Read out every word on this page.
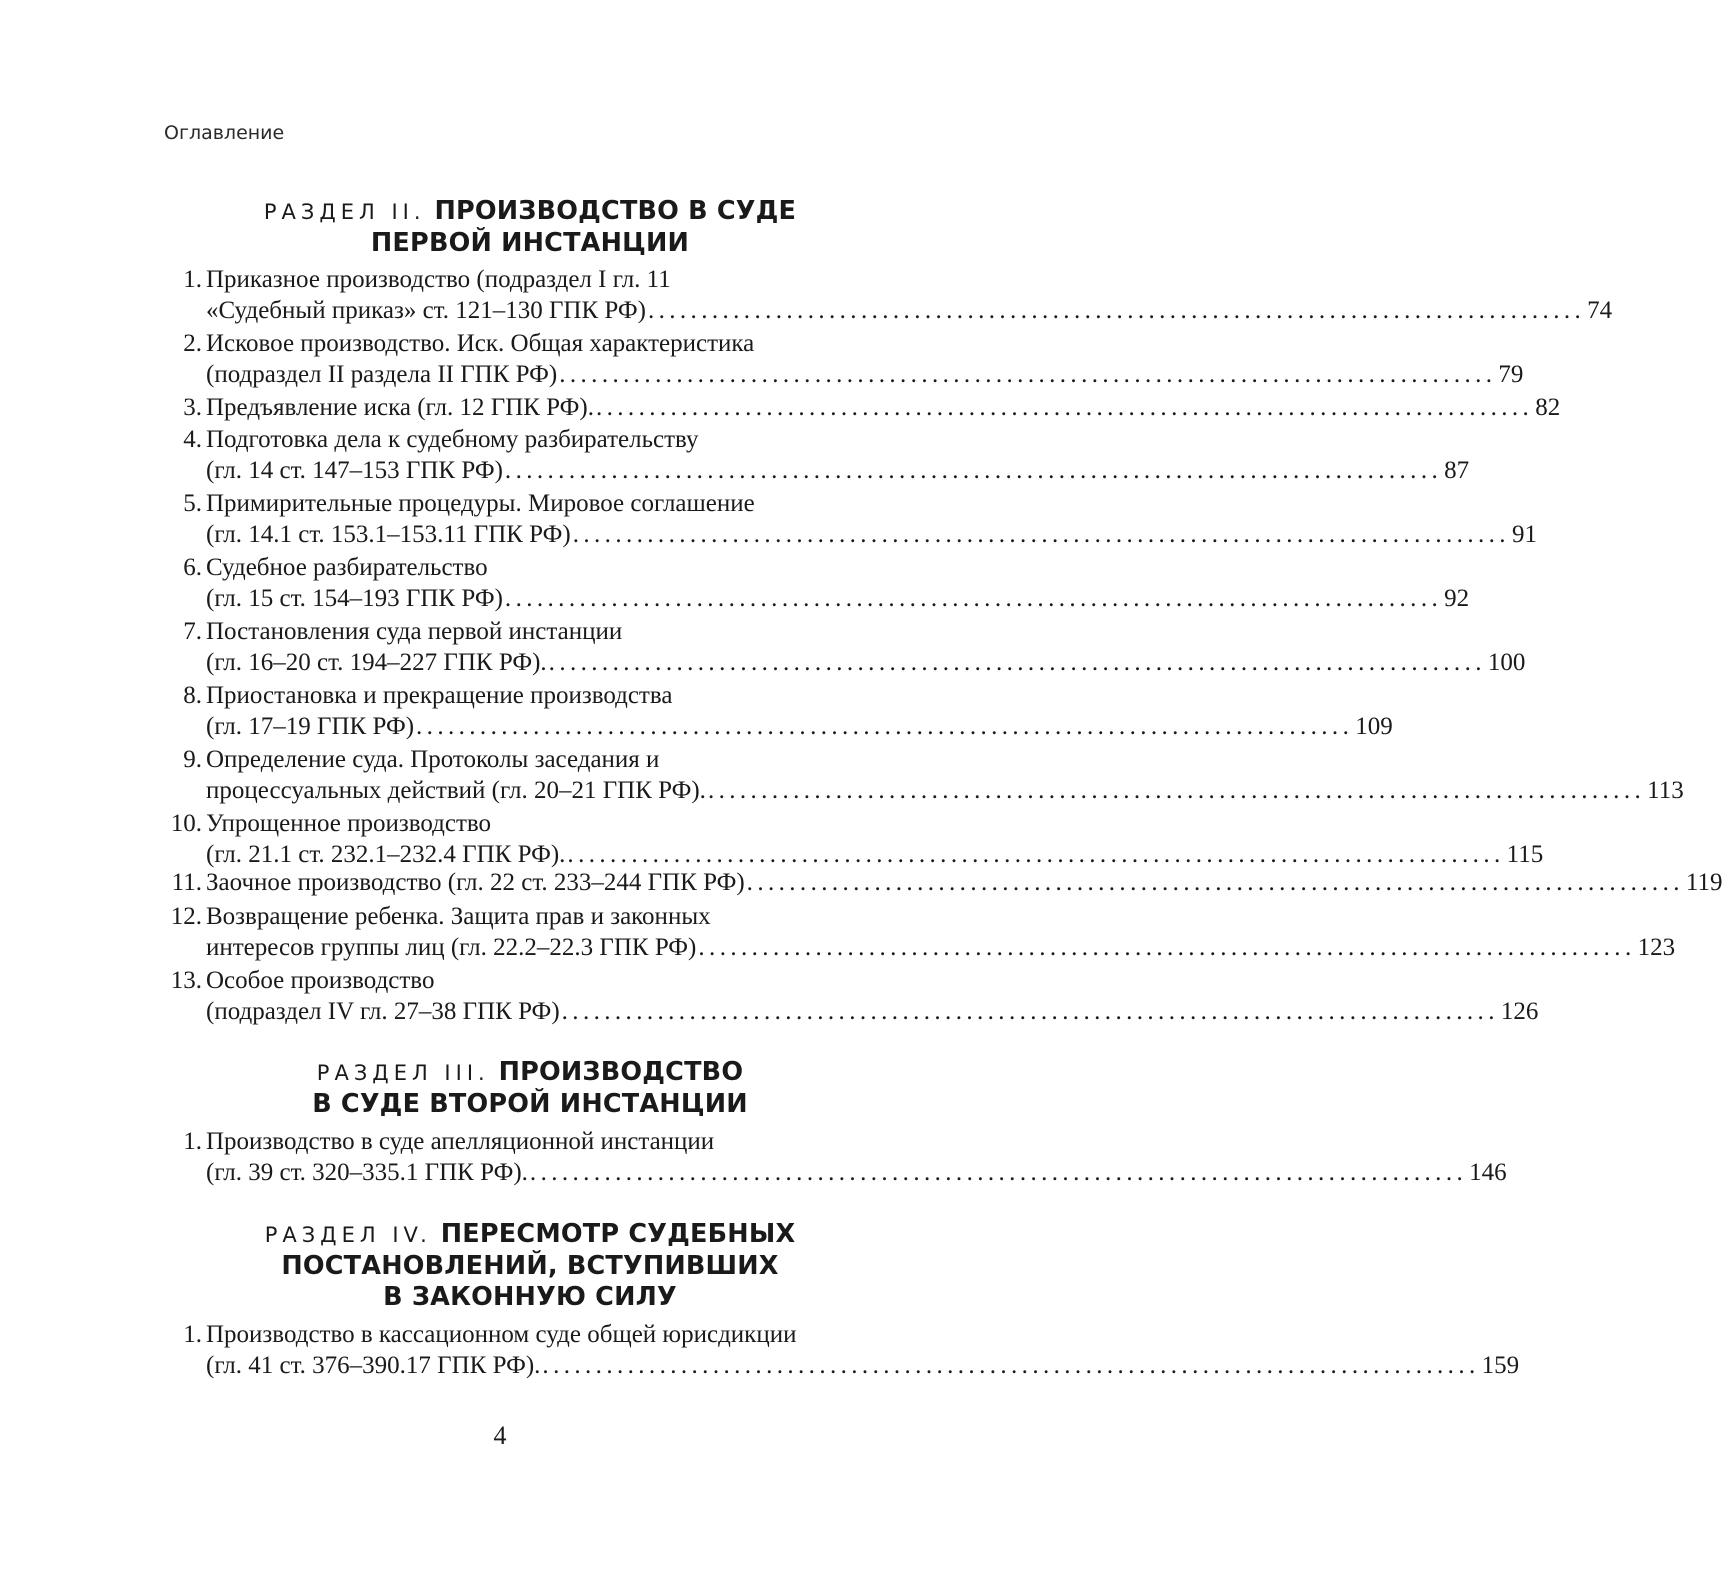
Оглавление
РАЗДЕЛ II. ПРОИЗВОДСТВО В СУДЕ
ПЕРВОЙ ИНСТАНЦИИ
1. Приказное производство (подраздел I гл. 11
«Судебный приказ» ст. 121–130 ГПК РФ) ........................................................................................ 74
2. Исковое производство. Иск. Общая характеристика
(подраздел II раздела II ГПК РФ) ........................................................................................ 79
3. Предъявление иска (гл. 12 ГПК РФ). ........................................................................................ 82
4. Подготовка дела к судебному разбирательству
(гл. 14 ст. 147–153 ГПК РФ) ........................................................................................ 87
5. Примирительные процедуры. Мировое соглашение
(гл. 14.1 ст. 153.1–153.11 ГПК РФ) ........................................................................................ 91
6. Судебное разбирательство
(гл. 15 ст. 154–193 ГПК РФ) ........................................................................................ 92
7. Постановления суда первой инстанции
(гл. 16–20 ст. 194–227 ГПК РФ). ........................................................................................ 100
8. Приостановка и прекращение производства
(гл. 17–19 ГПК РФ) ........................................................................................ 109
9. Определение суда. Протоколы заседания и
процессуальных действий (гл. 20–21 ГПК РФ). ........................................................................................ 113
10. Упрощенное производство
(гл. 21.1 ст. 232.1–232.4 ГПК РФ). ........................................................................................ 115
11. Заочное производство (гл. 22 ст. 233–244 ГПК РФ) ........................................................................................ 119
12. Возвращение ребенка. Защита прав и законных
интересов группы лиц (гл. 22.2–22.3 ГПК РФ) ........................................................................................ 123
13. Особое производство
(подраздел IV гл. 27–38 ГПК РФ) ........................................................................................ 126
РАЗДЕЛ III. ПРОИЗВОДСТВО
В СУДЕ ВТОРОЙ ИНСТАНЦИИ
1. Производство в суде апелляционной инстанции
(гл. 39 ст. 320–335.1 ГПК РФ). ........................................................................................ 146
РАЗДЕЛ IV. ПЕРЕСМОТР СУДЕБНЫХ
ПОСТАНОВЛЕНИЙ, ВСТУПИВШИХ
В ЗАКОННУЮ СИЛУ
1. Производство в кассационном суде общей юрисдикции
(гл. 41 ст. 376–390.17 ГПК РФ). ........................................................................................ 159
4
